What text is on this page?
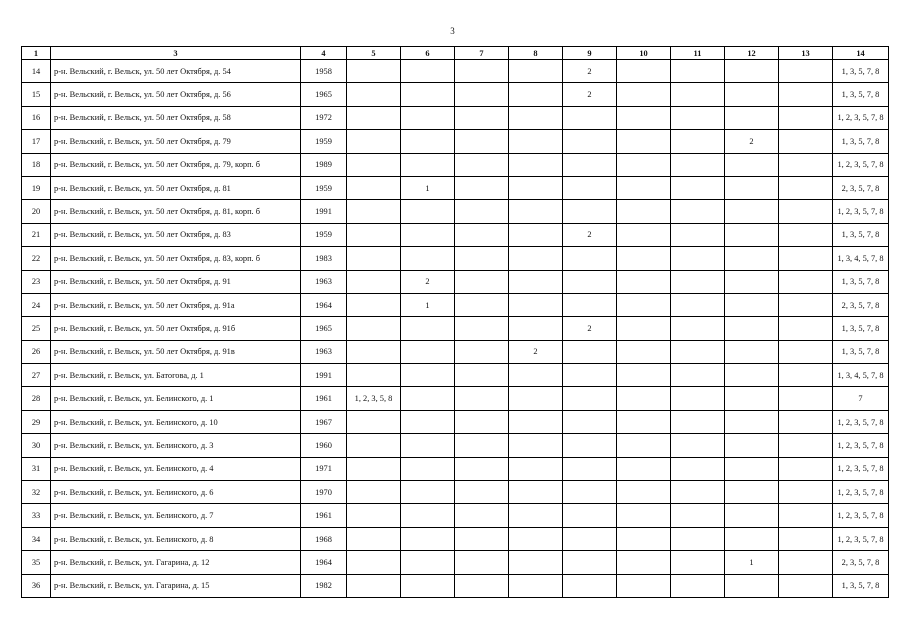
3
1	3	4	5	6	7	8	9	10	11	12	13	14
14	р-н. Вельский, г. Вельск, ул. 50 лет Октября, д. 54	1958					2					1, 3, 5, 7, 8
15	р-н. Вельский, г. Вельск, ул. 50 лет Октября, д. 56	1965					2					1, 3, 5, 7, 8
16	р-н. Вельский, г. Вельск, ул. 50 лет Октября, д. 58	1972										1, 2, 3, 5, 7, 8
17	р-н. Вельский, г. Вельск, ул. 50 лет Октября, д. 79	1959								2		1, 3, 5, 7, 8
18	р-н. Вельский, г. Вельск, ул. 50 лет Октября, д. 79, корп. б	1989										1, 2, 3, 5, 7, 8
19	р-н. Вельский, г. Вельск, ул. 50 лет Октября, д. 81	1959		1								2, 3, 5, 7, 8
20	р-н. Вельский, г. Вельск, ул. 50 лет Октября, д. 81, корп. б	1991										1, 2, 3, 5, 7, 8
21	р-н. Вельский, г. Вельск, ул. 50 лет Октября, д. 83	1959					2					1, 3, 5, 7, 8
22	р-н. Вельский, г. Вельск, ул. 50 лет Октября, д. 83, корп. б	1983										1, 3, 4, 5, 7, 8
23	р-н. Вельский, г. Вельск, ул. 50 лет Октября, д. 91	1963		2								1, 3, 5, 7, 8
24	р-н. Вельский, г. Вельск, ул. 50 лет Октября, д. 91а	1964		1								2, 3, 5, 7, 8
25	р-н. Вельский, г. Вельск, ул. 50 лет Октября, д. 91б	1965					2					1, 3, 5, 7, 8
26	р-н. Вельский, г. Вельск, ул. 50 лет Октября, д. 91в	1963				2						1, 3, 5, 7, 8
27	р-н. Вельский, г. Вельск, ул. Батогова, д. 1	1991										1, 3, 4, 5, 7, 8
28	р-н. Вельский, г. Вельск, ул. Белинского, д. 1	1961	1, 2, 3, 5, 8									7
29	р-н. Вельский, г. Вельск, ул. Белинского, д. 10	1967										1, 2, 3, 5, 7, 8
30	р-н. Вельский, г. Вельск, ул. Белинского, д. 3	1960										1, 2, 3, 5, 7, 8
31	р-н. Вельский, г. Вельск, ул. Белинского, д. 4	1971										1, 2, 3, 5, 7, 8
32	р-н. Вельский, г. Вельск, ул. Белинского, д. 6	1970										1, 2, 3, 5, 7, 8
33	р-н. Вельский, г. Вельск, ул. Белинского, д. 7	1961										1, 2, 3, 5, 7, 8
34	р-н. Вельский, г. Вельск, ул. Белинского, д. 8	1968										1, 2, 3, 5, 7, 8
35	р-н. Вельский, г. Вельск, ул. Гагарина, д. 12	1964								1		2, 3, 5, 7, 8
36	р-н. Вельский, г. Вельск, ул. Гагарина, д. 15	1982										1, 3, 5, 7, 8
